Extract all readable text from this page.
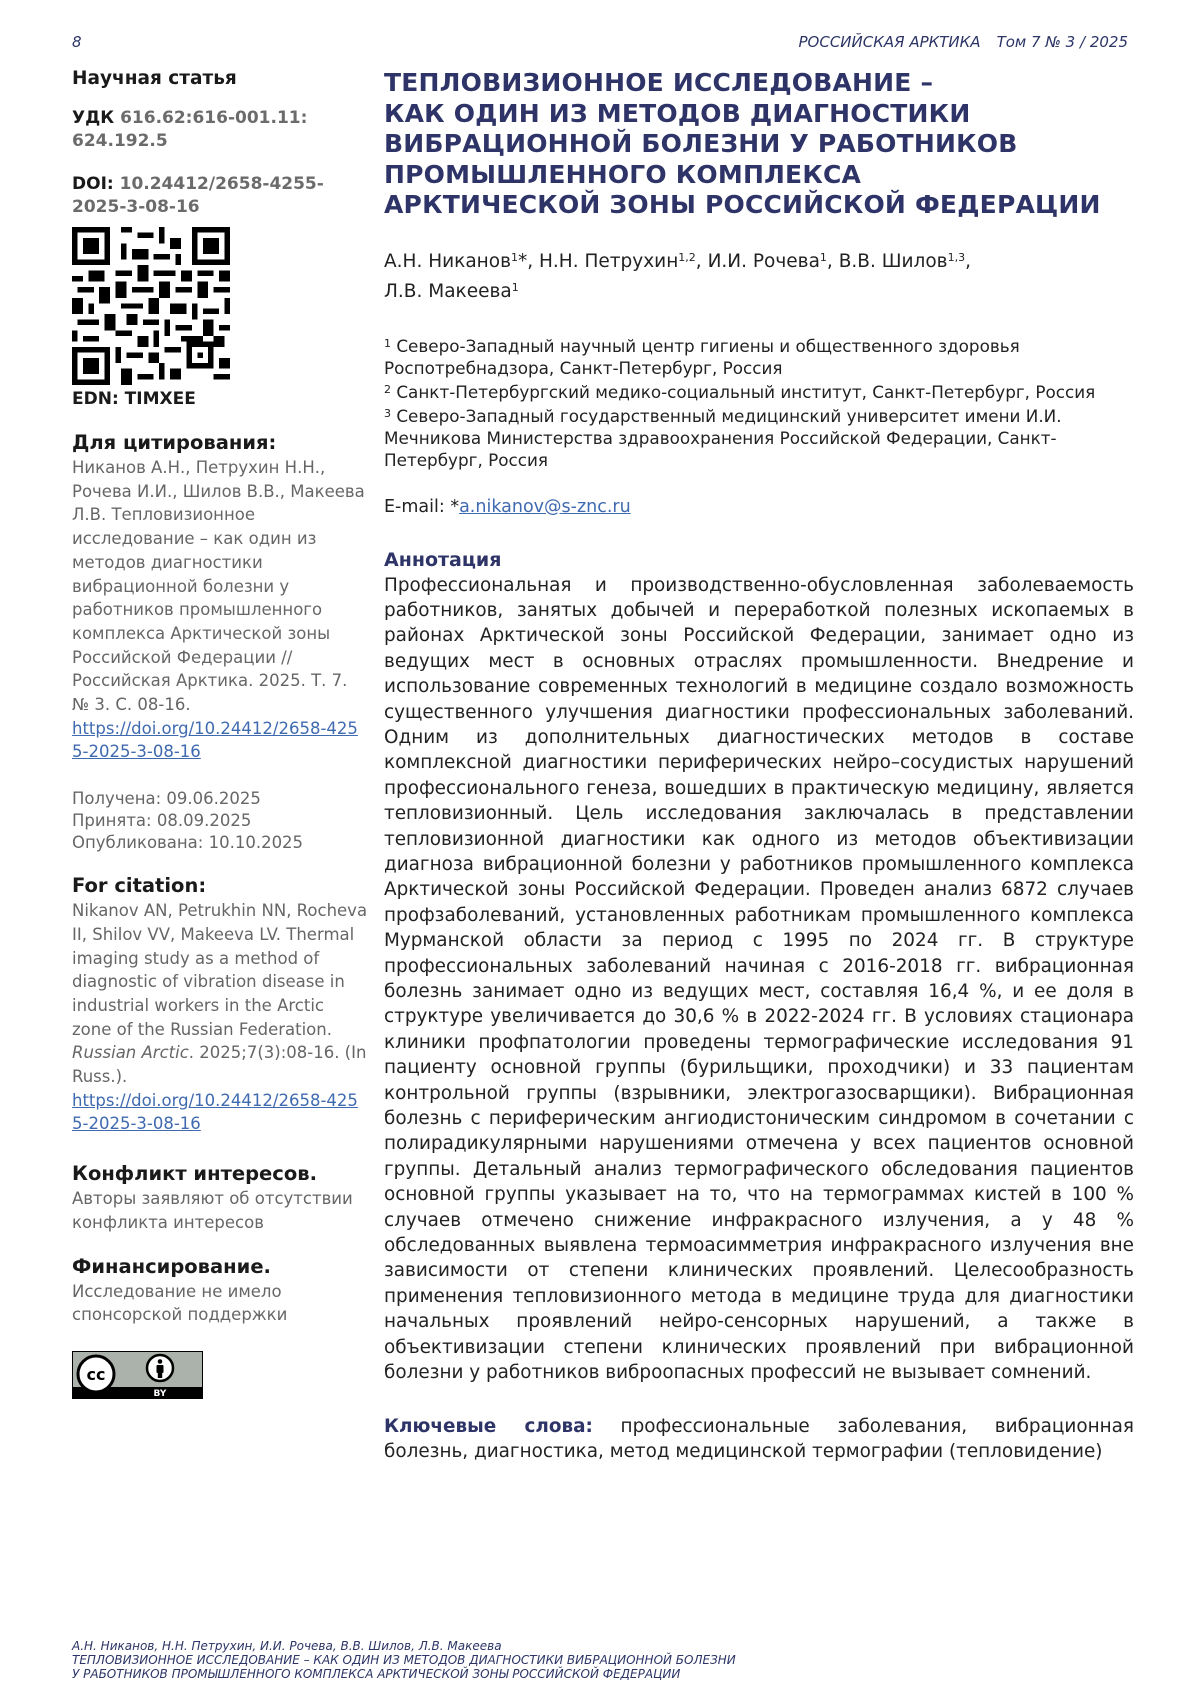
8	РОССИЙСКАЯ АРКТИКА Том 7 № 3 / 2025
Научная статья
УДК 616.62:616-001.11: 624.192.5
DOI: 10.24412/2658-4255-2025-3-08-16
EDN: TIMXEE
Для цитирования:
Никанов А.Н., Петрухин Н.Н., Рочева И.И., Шилов В.В., Макеева Л.В. Тепловизионное исследование – как один из методов диагностики вибрационной болезни у работников промышленного комплекса Арктической зоны Российской Федерации // Российская Арктика. 2025. Т. 7. № 3. С. 08-16.
https://doi.org/10.24412/2658-4255-2025-3-08-16
Получена: 09.06.2025
Принята: 08.09.2025
Опубликована: 10.10.2025
For citation:
Nikanov AN, Petrukhin NN, Rocheva II, Shilov VV, Makeeva LV. Thermal imaging study as a method of diagnostic of vibration disease in industrial workers in the Arctic zone of the Russian Federation. Russian Arctic. 2025;7(3):08-16. (In Russ.).
https://doi.org/10.24412/2658-4255-2025-3-08-16
Конфликт интересов.
Авторы заявляют об отсутствии конфликта интересов
Финансирование.
Исследование не имело спонсорской поддержки
cc
BY
ТЕПЛОВИЗИОННОЕ ИССЛЕДОВАНИЕ –
КАК ОДИН ИЗ МЕТОДОВ ДИАГНОСТИКИ
ВИБРАЦИОННОЙ БОЛЕЗНИ У РАБОТНИКОВ
ПРОМЫШЛЕННОГО КОМПЛЕКСА
АРКТИЧЕСКОЙ ЗОНЫ РОССИЙСКОЙ ФЕДЕРАЦИИ
А.Н. Никанов$^1$*, Н.Н. Петрухин$^{1,2}$, И.И. Рочева$^1$, В.В. Шилов$^{1,3}$,
Л.В. Макеева$^1$
$^1$ Северо-Западный научный центр гигиены и общественного здоровья Роспотребнадзора, Санкт-Петербург, Россия
$^2$ Санкт-Петербургский медико-социальный институт, Санкт-Петербург, Россия
$^3$ Северо-Западный государственный медицинский университет имени И.И. Мечникова Министерства здравоохранения Российской Федерации, Санкт-Петербург, Россия
E-mail: *a.nikanov@s-znc.ru
Аннотация

Профессиональная и производственно-обусловленная заболеваемость работников, занятых добычей и переработкой полезных ископаемых в районах Арктической зоны Российской Федерации, занимает одно из ведущих мест в основных отраслях промышленности. Внедрение и использование современных технологий в медицине создало возможность существенного улучшения диагностики профессиональных заболеваний. Одним из дополнительных диагностических методов в составе комплексной диагностики периферических нейро–сосудистых нарушений профессионального генеза, вошедших в практическую медицину, является тепловизионный. Цель исследования заключалась в представлении тепловизионной диагностики как одного из методов объективизации диагноза вибрационной болезни у работников промышленного комплекса Арктической зоны Российской Федерации. Проведен анализ 6872 случаев профзаболеваний, установленных работникам промышленного комплекса Мурманской области за период с 1995 по 2024 гг. В структуре профессиональных заболеваний начиная с 2016-2018 гг. вибрационная болезнь занимает одно из ведущих мест, составляя 16,4 %, и ее доля в структуре увеличивается до 30,6 % в 2022-2024 гг. В условиях стационара клиники профпатологии проведены термографические исследования 91 пациенту основной группы (бурильщики, проходчики) и 33 пациентам контрольной группы (взрывники, электрогазосварщики). Вибрационная болезнь с периферическим ангиодистоническим синдромом в сочетании с полирадикулярными нарушениями отмечена у всех пациентов основной группы. Детальный анализ термографического обследования пациентов основной группы указывает на то, что на термограммах кистей в 100 % случаев отмечено снижение инфракрасного излучения, а у 48 % обследованных выявлена термоасимметрия инфракрасного излучения вне зависимости от степени клинических проявлений. Целесообразность применения тепловизионного метода в медицине труда для диагностики начальных проявлений нейро-сенсорных нарушений, а также в объективизации степени клинических проявлений при вибрационной болезни у работников виброопасных профессий не вызывает сомнений.

Ключевые слова: профессиональные заболевания, вибрационная болезнь, диагностика, метод медицинской термографии (тепловидение)

А.Н. Никанов, Н.Н. Петрухин, И.И. Рочева, В.В. Шилов, Л.В. Макеева
ТЕПЛОВИЗИОННОЕ ИССЛЕДОВАНИЕ – КАК ОДИН ИЗ МЕТОДОВ ДИАГНОСТИКИ ВИБРАЦИОННОЙ БОЛЕЗНИ
У РАБОТНИКОВ ПРОМЫШЛЕННОГО КОМПЛЕКСА АРКТИЧЕСКОЙ ЗОНЫ РОССИЙСКОЙ ФЕДЕРАЦИИ
